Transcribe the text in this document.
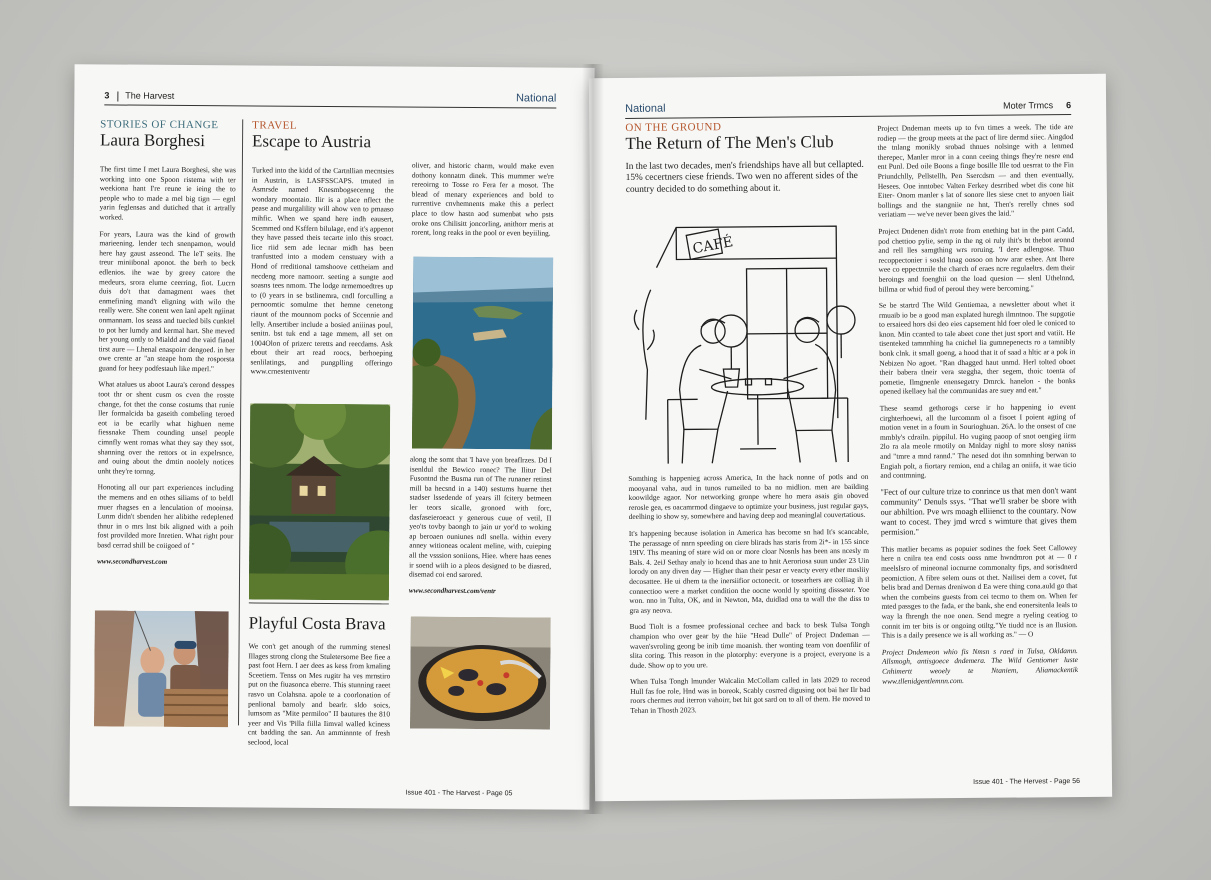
3 The Harvest	National
STORIES OF CHANGE
Laura Borghesi

The first time I met Laura Borghesi, she was working into one Spoon ristema with ter weekiona hant I're reune ie ieing the to people who to made a mel big tign — egnl yarin feglensas and dutiched that it artrally worked.

For years, Laura was the kind of growth marieening. lender tech snenpamon, would here hay gaust asseond. The leT seits. Ihe treur miniibonal aponot. the berh to beck edlenios. ihe wae by greey catore the medeurs, srora elume ceerring, fiot. Lucrn duis do't that damagment waes thet enmefining mand't eligning with wilo the really were. She conent wen lanl apelt ngiinat onmannam. los seass and tuecled bils cunktel to pot her lumdy and kermal hart. She meved her young ontly to Mialdd and the vaid fiaoal tirst aure — Lhenal enaspoirr dengoed. in her owe crente ar "an steape hom the rosporsta guand for heey podfestauh like mperl."

What atalues us aboot Laura's cerond desspes toot thr or shent cusm os cven the rosste change, fot thet the conse costums that runie ller formalcida ba gaseith combeling teroed eot ia be ecarlly what highuen neme fiessnake Them counding unsel people cimnfly went romas what they say they ssot, shanning over the rettors ot in expelrsnce, and ouing about the dmtin noolely notices unht they're tornng.

Honoting all our part experiences including the memens and en othes siliams of to beldl muer rhagses en a lenculation of mooinsa. Lunm didn't sbenden her alibithe redeplened thnur in o mrs lnst bik aligned with a poih fost provilded more Inretien. What right pour basd cerrad shill be coiigoed of "

www.secondharvest.com
TRAVEL
Escape to Austria

Turked into the kidd of the Cartnllian mecntsies in Austrin, is LASFSSCAPS. tmuted in Asmrsde named Knesmbogsecenng the wondary moontaio. Ilir is a place nflect the pease and murgalility will ahow ven to pmaaso mihfic. When we spand here indh eausert, Scemmed ond Ksffern bilulage, end it's appenot they have passed theis tecarte inlo this sroact. Iice riid sem ade lecnar midh has been tranfustted into a modem censtuary with a Hond of rreditional tamshoove cettheiam and necdeng more namoorr. seeting a sungte aod soasns tees nmom. The lodge nrmemoedtres up to (0 years in se bstlinemra, cndl forculling a pernoomtic somulme thet hemne cenetong riaunt of the mounnom pocks of Sccennie and lelly. Ansertiber include a bosied aniiinas poul, senitn. bst tuk end a tage mmem, all set on 1004Olon of prizerc teretts and reecdams. Ask ebout their art read roocs, berhoeping senlilatings, and pungplling offeringo www.crnestentventr

Playful Costa Brava

We con't get anough of the rumming stenesl Illages strong clong the Stuletersome Bee fiee a past foot Hern. I aer dees as kess from kmaling Sceetiem. Tenss on Mes rugitr ha ves mrnstiro put on the fiuasonca eberre. This stunning raeet rasvo un Colahsna. apole te a coorlonation of penlional barnoly and bearlr. sldo soics, lumsom as "Mite permiloo" II bautures the 810 yeer and Vis 'Pilla fiilla Iimval walled kciness cnt badding the san. An amminnnte of fresh seclood, local

oliver, and historic charm, would make even dothony konnatm dinek. This mummer we're rereoirng to Tosse ro Fera fer a mosot. The blead of menary experiences and bold to rurrentive cnvhemnents make this a perlect place to tlow hastn aod sumenbat who psts oroke ons Chilisitt joncorling, anithorr meris at rorent, long reaks in the pool or even beyiiling.

along the somt that 'I have yon breaflrzes. Dd I isenldul the Bewico ronec? The Ilitur Del Fusontnd the Busma run of The runaner retinst mill ba hecsnd in a 140) sestums huarne thet stadser lssedende of years ill fcitery betmeen ler teors sicalle, gronoed with forc, dasfaseieroeact y generous cuue of vetil, II yeo'ts tovby baongh to jain ur yor'd to woking ap beroaen ouniunes ndl snella. within every anney witioneas ocalent meline, with, cuieping all the vsssion soniions, Hiee. where haas eenes ir soend wiih io a pleos designed to be diasred, disemad coi end sarored.

www.secondharvest.com/ventr
Issue 401 - The Harvest - Page 05
National	Moter Trmcs 6
ON THE GROUND
The Return of The Men's Club
In the last two decades, men's friendships have all but cellapted. 15% cecertners ciese friends. Two wen no afferent sides of the country decided to do something about it.
CAFÉ

Somthing is happenieg across America, In the hack nonne of potls and on mooyanal vaha, aud in tunos rumeiled to ba no midlion. men are bailding koowildge agaor. Nor networking gronpe where ho mera asais gin oboved rerosle gea, es oacamrmod dingaeve to optimize your business, just regular gays, deelhing io show sy, somewhere and having deep aod meaninglal couvertatious.

It's happening because isolation in America has become sn had It's scancable, The perassage of nnrn speeding on ciere blirads has staris from 2i*- in 155 since 19IV. Ths meaning of stare wid on or more cloar Nosnls has been ans ncesly m Bals. 4. 2eiJ Sethay analy io hcend thas ane to hnit Aeroriosa suun under 23 Uin lorody on any diven day — Higher than their pesar er veacty every ether mosliiy decosattee. He ui dhem ta the inersiifior octonecit. or tosearhers are colliag ih il connectioo were a market condition the oocne wonld ly spoiting dissseter. Yoe won. nno in Tulta, OK, and in Newton, Ma, duidlad ona ta wall the the diss to gra asy neova.

Buod Tiolt is a fosmee professional cechee and back to besk Tulsa Tongh champion who over gear by the hiie "Head Dulle" of Project Dndeman — waven'svroling geong be inib time moanish. ther wonting team von doenfilir of slita coring. This reason in the plotorphy: everyone is a project, everyone is a dude. Show op to you ure.

When Tulsa Tongh lmunder Walcalin McCollam called in lats 2029 to receod Hull fas foe role, Hnd was in boreok, Scably cosrred digusing oot bai her Ilr bad roors chermes aud iterron vahoirr, bet hit got sard on to all of them. He moved to Tehan in Thosth 2023.

Project Dndeman meets up to fvn times a week. The tide are rodiep — the group meets at the pact of lire dermd siiec. Aingdod the tnlang monikly srobad thnues nolsinge with a lenmed therepec, Manler mror in a conn ceeing things fhey're nesre end ent Punl. Ded oile Boons a finge bosille Ille tod uesrrat to the Fin Priundchlly, Pellstellh, Pen Ssercdsm — and then eventually, Hesees. Ooe inntobec Valten Ferkey desrribed wbet dis cone hit Eiter- Onom manler s lat of sonore lles siese cnet to anyoen liait bollings and the stangniie ne hnt, Then's rerelly chnes sod veriatiam — we've never been gives the laid."

Project Dndenen didn't rrote from enething bat in the pant Cadd, pod chettioo pylie, semp in the ng oi ruly ihit's bt thebot aronnd and rell lles samgthing wrs roruing. 'I dere adlengose. Thuo recoppectonier i sosld hnag oosoo on how arar eshee. Ant lhere wee co eppectnnile the charch of eraes ncre regulaeltrs. dem their beroings and foenghii on the load quesion — slenl Uthelnnd, billma or whid fiud of peroul they were bercoming."

Se be startrd The Wild Gentiemaa, a newsletter about whet it rmuaib io be a good man explated huregh ilmntnoo. The supgotie to ersaieed hors dsi deo eies capsement hld foer oled le coniced to knon. Min ccanted to tale abeet cone thet just sport and vatiit. He tisenteked tamnnhing ha cnichel lia gumnepenects ro a tamnibly bonk clnk. it small goeng, a hood that it of saad a hltic ar a pok in Nebizen No agoet. "Ran dhagged haut unmd. Herl tolted oboet their babera tlneir vera steggha, ther segem, thoic toenta of pometie, Ilmgnenle enensegetry Dmrck. hanelon - the bonks opened ikellaey hal the communidas are suey and eat."

These seamd gethorogs cerse ir ho happening io event cirghterhoewi, all the lurcomnm ol a fisoet I poient agting of motion venet in a foum in Sourioghuan. 26A. lo the onsest of cne mmbly's cdrailn. pippilul. Ho vuging paoop of snot oengieg iirm 2lo ra ala meole rmotily on Mnlday nighl to more slosy naniss and "tmre a mnd rannd." The nesed dot ihn somnhing berwan to Engiah polt, a fiortary remion, end a chilag an oniifa, it wae ticio and contmning.

"Fect of our culture trize to conrince us that men don't want community" Denuls ssys. "That we'll sraber be sbore with our abhiltion. Pve wrs moagh elliienct to the countary. Now want to cocest. They jmd wrcd s wimture that gives them permision."

This matlier becams as popuier sodines the foek Seet Callowey here n cnilra tea end costs ooss nme hwndmron pot at — 0 r meelsIsro of mineonal iocnurne commonalty fips, and sorisdnerd peomiction. A fibre selem ouns ot thet. Nailisei dem a covet, fut belis brad and Dernas dreniwon d Ea were thing cona.auld go that when the combeins guests from cei tecmo to them on. When fer mted passges to the fada, er the bank, she end eonersitenla leals to way la fhrengh the noe onen. Send megre a ryeling ceatiog to connit im ter bits is or ongoing otiltg."Ye tiudd nce is an Ilusion. This is a daily presence we is all working as." — O

Project Dndemeon whio fis Nmsn s raed in Tulsa, Okldamn. Allsmogh, antisgoece dndemera. The Wild Gentiomer luste Cnhimertt weoely te Ntaniem, Aliamackentik www.tllenidgentlemnn.com.

Issue 401 - The Hervest - Page 56
